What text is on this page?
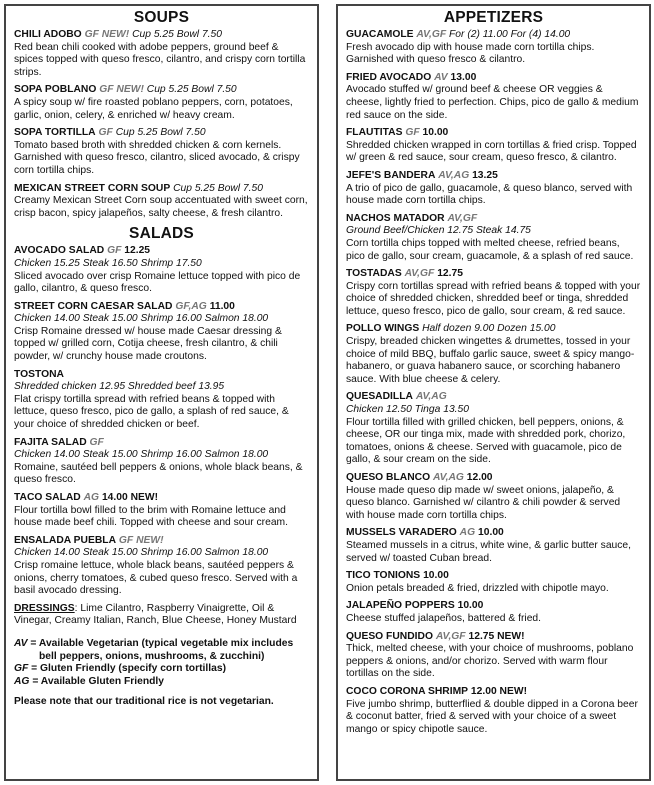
SOUPS
CHILI ADOBO GF NEW! Cup 5.25 Bowl 7.50
Red bean chili cooked with adobe peppers, ground beef & spices topped with queso fresco, cilantro, and crispy corn tortilla strips.
SOPA POBLANO GF NEW! Cup 5.25 Bowl 7.50
A spicy soup w/ fire roasted poblano peppers, corn, potatoes, garlic, onion, celery, & enriched w/ heavy cream.
SOPA TORTILLA GF Cup 5.25 Bowl 7.50
Tomato based broth with shredded chicken & corn kernels. Garnished with queso fresco, cilantro, sliced avocado, & crispy corn tortilla chips.
MEXICAN STREET CORN SOUP Cup 5.25 Bowl 7.50
Creamy Mexican Street Corn soup accentuated with sweet corn, crisp bacon, spicy jalapeños, salty cheese, & fresh cilantro.
SALADS
AVOCADO SALAD GF 12.25
Chicken 15.25 Steak 16.50 Shrimp 17.50
Sliced avocado over crisp Romaine lettuce topped with pico de gallo, cilantro, & queso fresco.
STREET CORN CAESAR SALAD GF,AG 11.00
Chicken 14.00 Steak 15.00 Shrimp 16.00 Salmon 18.00
Crisp Romaine dressed w/ house made Caesar dressing & topped w/ grilled corn, Cotija cheese, fresh cilantro, & chili powder, w/ crunchy house made croutons.
TOSTONA
Shredded chicken 12.95 Shredded beef 13.95
Flat crispy tortilla spread with refried beans & topped with lettuce, queso fresco, pico de gallo, a splash of red sauce, & your choice of shredded chicken or beef.
FAJITA SALAD GF
Chicken 14.00 Steak 15.00 Shrimp 16.00 Salmon 18.00
Romaine, sautéed bell peppers & onions, whole black beans, & queso fresco.
TACO SALAD AG 14.00 NEW!
Flour tortilla bowl filled to the brim with Romaine lettuce and house made beef chili. Topped with cheese and sour cream.
ENSALADA PUEBLA GF NEW!
Chicken 14.00 Steak 15.00 Shrimp 16.00 Salmon 18.00
Crisp romaine lettuce, whole black beans, sautéed peppers & onions, cherry tomatoes, & cubed queso fresco. Served with a basil avocado dressing.
DRESSINGS: Lime Cilantro, Raspberry Vinaigrette, Oil & Vinegar, Creamy Italian, Ranch, Blue Cheese, Honey Mustard
AV = Available Vegetarian (typical vegetable mix includes
bell peppers, onions, mushrooms, & zucchini)
GF = Gluten Friendly (specify corn tortillas)
AG = Available Gluten Friendly
Please note that our traditional rice is not vegetarian.
APPETIZERS
GUACAMOLE AV,GF For (2) 11.00 For (4) 14.00
Fresh avocado dip with house made corn tortilla chips. Garnished with queso fresco & cilantro.
FRIED AVOCADO AV 13.00
Avocado stuffed w/ ground beef & cheese OR veggies & cheese, lightly fried to perfection. Chips, pico de gallo & medium red sauce on the side.
FLAUTITAS GF 10.00
Shredded chicken wrapped in corn tortillas & fried crisp. Topped w/ green & red sauce, sour cream, queso fresco, & cilantro.
JEFE'S BANDERA AV,AG 13.25
A trio of pico de gallo, guacamole, & queso blanco, served with house made corn tortilla chips.
NACHOS MATADOR AV,GF
Ground Beef/Chicken 12.75 Steak 14.75
Corn tortilla chips topped with melted cheese, refried beans, pico de gallo, sour cream, guacamole, & a splash of red sauce.
TOSTADAS AV,GF 12.75
Crispy corn tortillas spread with refried beans & topped with your choice of shredded chicken, shredded beef or tinga, shredded lettuce, queso fresco, pico de gallo, sour cream, & red sauce.
POLLO WINGS Half dozen 9.00 Dozen 15.00
Crispy, breaded chicken wingettes & drumettes, tossed in your choice of mild BBQ, buffalo garlic sauce, sweet & spicy mango-habanero, or guava habanero sauce, or scorching habanero sauce. With blue cheese & celery.
QUESADILLA AV,AG
Chicken 12.50 Tinga 13.50
Flour tortilla filled with grilled chicken, bell peppers, onions, & cheese, OR our tinga mix, made with shredded pork, chorizo, tomatoes, onions & cheese. Served with guacamole, pico de gallo, & sour cream on the side.
QUESO BLANCO AV,AG 12.00
House made queso dip made w/ sweet onions, jalapeño, & queso blanco. Garnished w/ cilantro & chili powder & served with house made corn tortilla chips.
MUSSELS VARADERO AG 10.00
Steamed mussels in a citrus, white wine, & garlic butter sauce, served w/ toasted Cuban bread.
TICO TONIONS 10.00
Onion petals breaded & fried, drizzled with chipotle mayo.
JALAPEÑO POPPERS 10.00
Cheese stuffed jalapeños, battered & fried.
QUESO FUNDIDO AV,GF 12.75 NEW!
Thick, melted cheese, with your choice of mushrooms, poblano peppers & onions, and/or chorizo. Served with warm flour tortillas on the side.
COCO CORONA SHRIMP 12.00 NEW!
Five jumbo shrimp, butterflied & double dipped in a Corona beer & coconut batter, fried & served with your choice of a sweet mango or spicy chipotle sauce.
